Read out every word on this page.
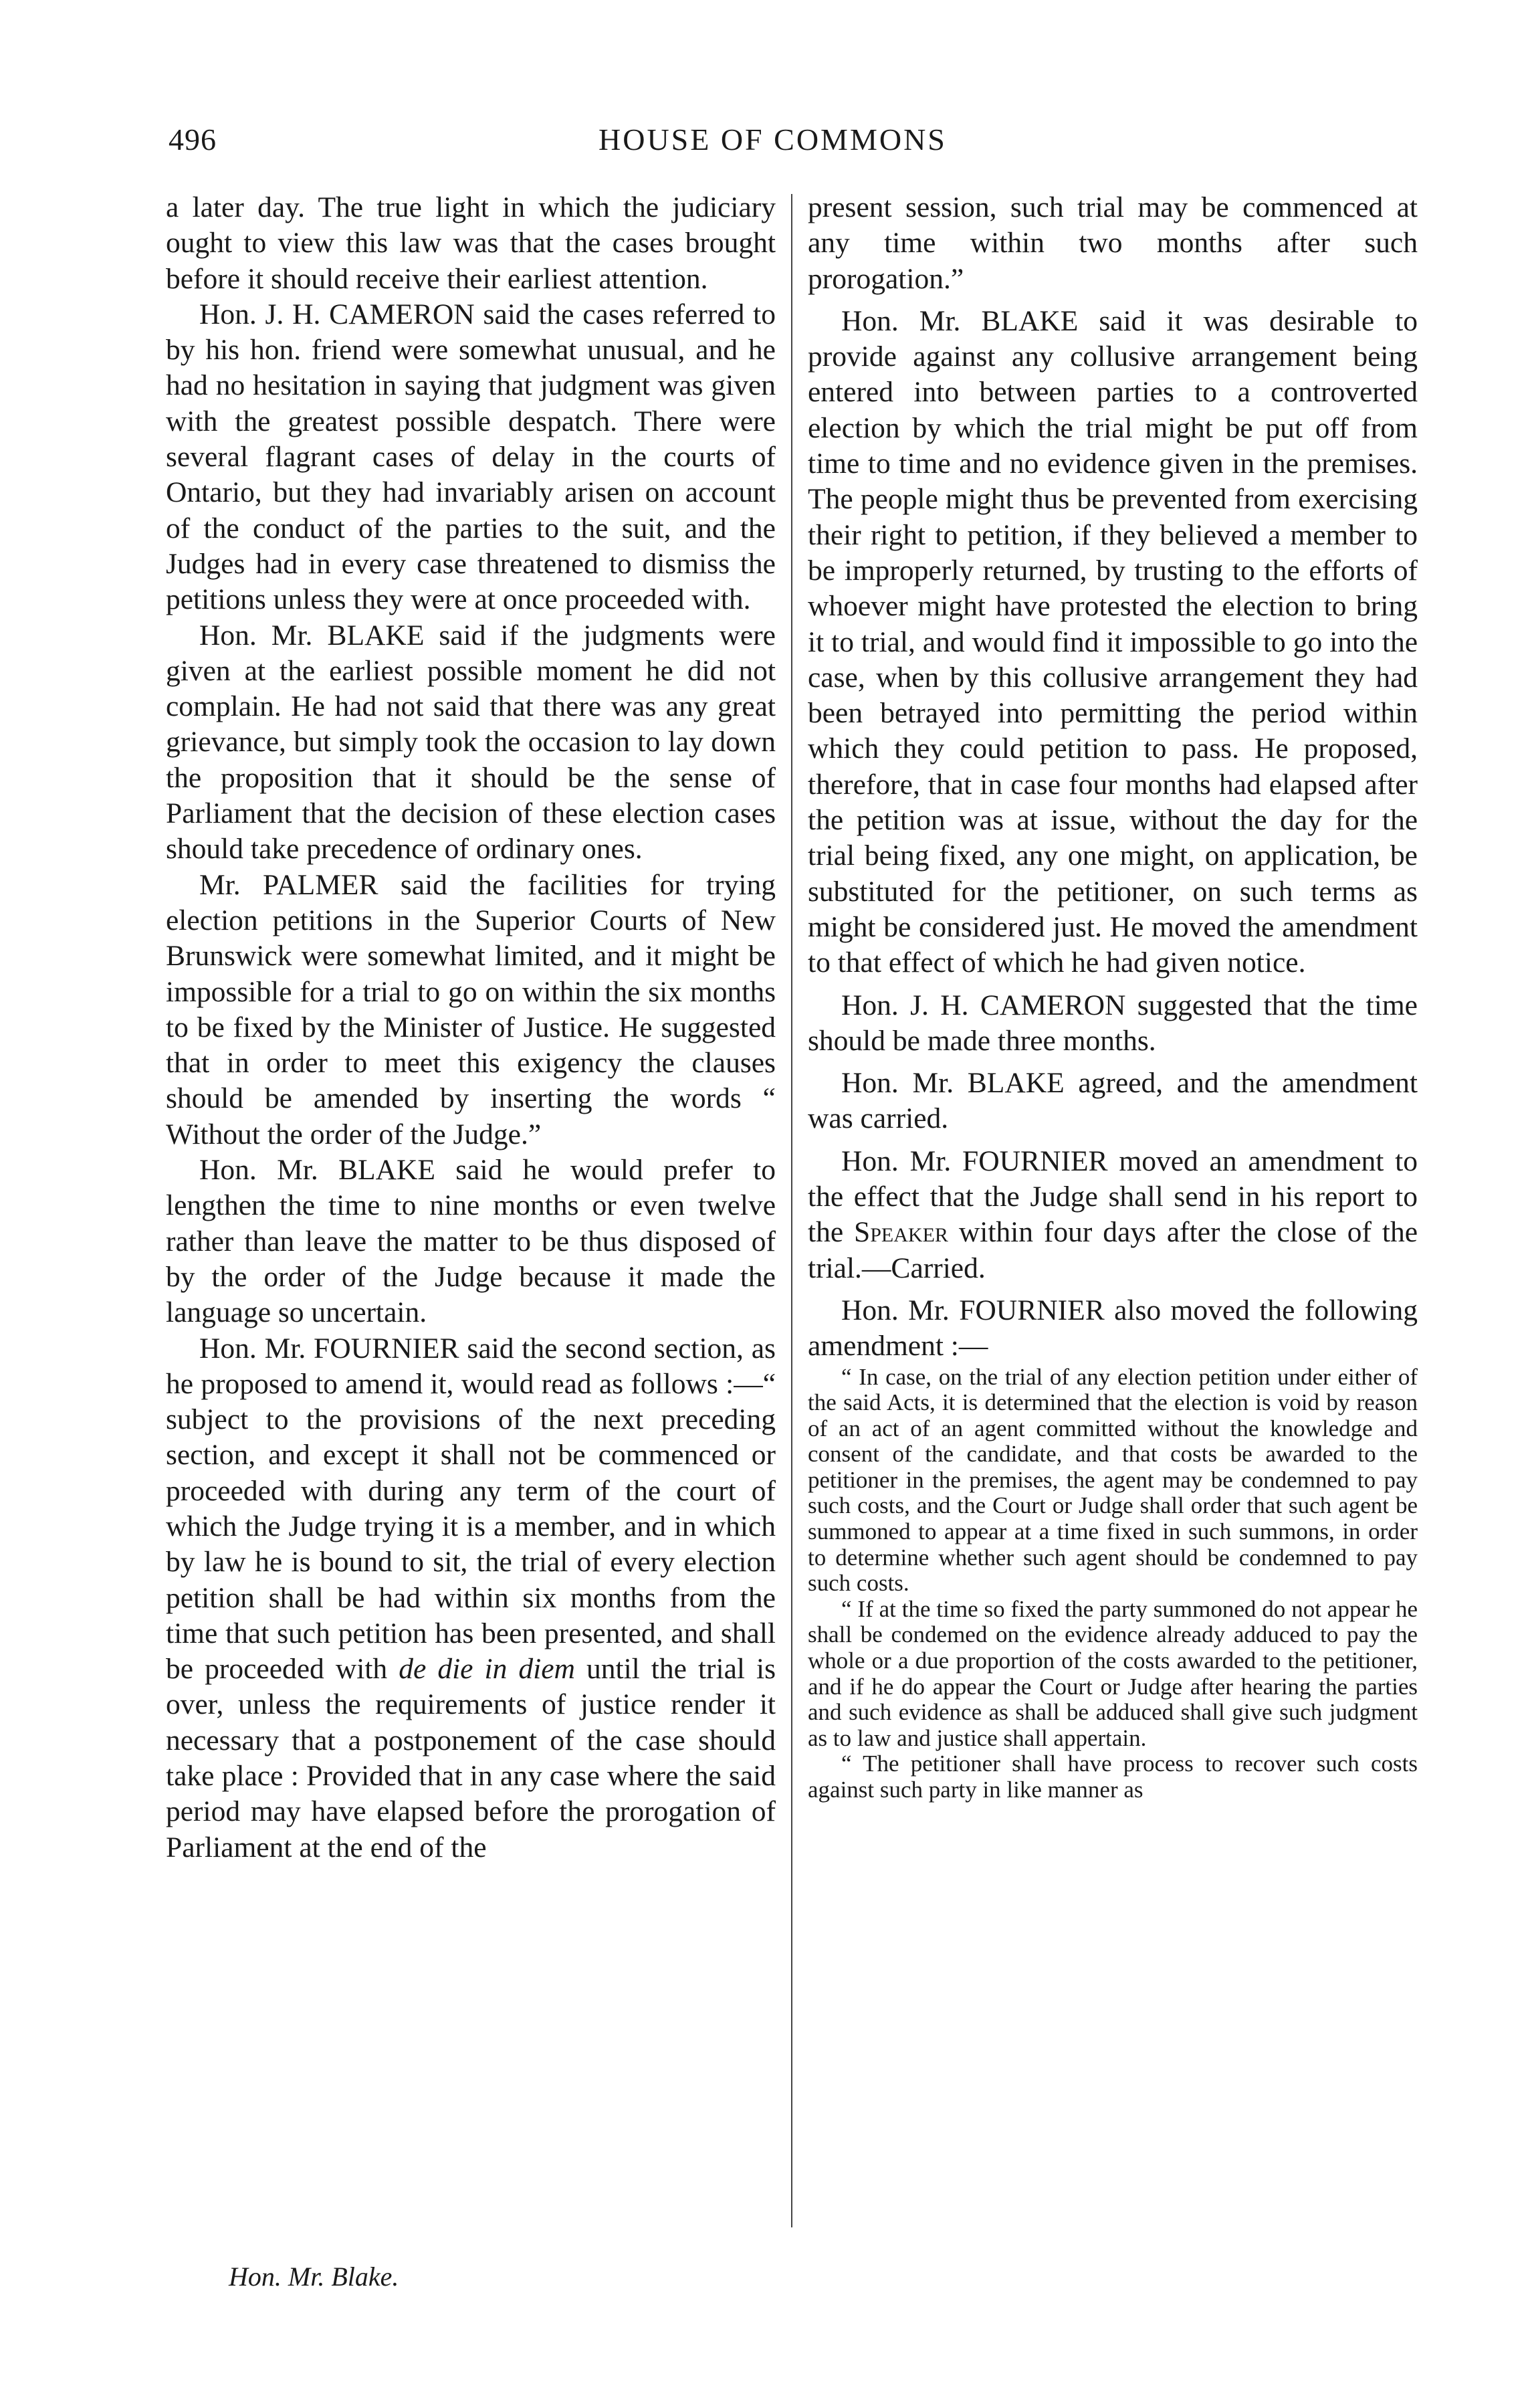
496	HOUSE OF COMMONS

a later day. The true light in which the judiciary ought to view this law was that the cases brought before it should receive their earliest attention.

Hon. J. H. CAMERON said the cases referred to by his hon. friend were somewhat unusual, and he had no hesitation in saying that judgment was given with the greatest possible despatch. There were several flagrant cases of delay in the courts of Ontario, but they had invariably arisen on account of the conduct of the parties to the suit, and the Judges had in every case threatened to dismiss the petitions unless they were at once proceeded with.

Hon. Mr. BLAKE said if the judgments were given at the earliest possible moment he did not complain. He had not said that there was any great grievance, but simply took the occasion to lay down the proposition that it should be the sense of Parliament that the decision of these election cases should take precedence of ordinary ones.

Mr. PALMER said the facilities for trying election petitions in the Superior Courts of New Brunswick were somewhat limited, and it might be impossible for a trial to go on within the six months to be fixed by the Minister of Justice. He suggested that in order to meet this exigency the clauses should be amended by inserting the words “ Without the order of the Judge.”

Hon. Mr. BLAKE said he would prefer to lengthen the time to nine months or even twelve rather than leave the matter to be thus disposed of by the order of the Judge because it made the language so uncertain.

Hon. Mr. FOURNIER said the second section, as he proposed to amend it, would read as follows :—“ subject to the provisions of the next preceding section, and except it shall not be commenced or proceeded with during any term of the court of which the Judge trying it is a member, and in which by law he is bound to sit, the trial of every election petition shall be had within six months from the time that such petition has been presented, and shall be proceeded with de die in diem until the trial is over, unless the requirements of justice render it necessary that a postponement of the case should take place : Provided that in any case where the said period may have elapsed before the prorogation of Parliament at the end of the

present session, such trial may be commenced at any time within two months after such prorogation.”

Hon. Mr. BLAKE said it was desirable to provide against any collusive arrangement being entered into between parties to a controverted election by which the trial might be put off from time to time and no evidence given in the premises. The people might thus be prevented from exercising their right to petition, if they believed a member to be improperly returned, by trusting to the efforts of whoever might have protested the election to bring it to trial, and would find it impossible to go into the case, when by this collusive arrangement they had been betrayed into permitting the period within which they could petition to pass. He proposed, therefore, that in case four months had elapsed after the petition was at issue, without the day for the trial being fixed, any one might, on application, be substituted for the petitioner, on such terms as might be considered just. He moved the amendment to that effect of which he had given notice.

Hon. J. H. CAMERON suggested that the time should be made three months.

Hon. Mr. BLAKE agreed, and the amendment was carried.

Hon. Mr. FOURNIER moved an amendment to the effect that the Judge shall send in his report to the Speaker within four days after the close of the trial.—Carried.

Hon. Mr. FOURNIER also moved the following amendment :—

“ In case, on the trial of any election petition under either of the said Acts, it is determined that the election is void by reason of an act of an agent committed without the knowledge and consent of the candidate, and that costs be awarded to the petitioner in the premises, the agent may be condemned to pay such costs, and the Court or Judge shall order that such agent be summoned to appear at a time fixed in such summons, in order to determine whether such agent should be condemned to pay such costs.

“ If at the time so fixed the party summoned do not appear he shall be condemed on the evidence already adduced to pay the whole or a due proportion of the costs awarded to the petitioner, and if he do appear the Court or Judge after hearing the parties and such evidence as shall be adduced shall give such judgment as to law and justice shall appertain.

“ The petitioner shall have process to recover such costs against such party in like manner as

Hon. Mr. Blake.
